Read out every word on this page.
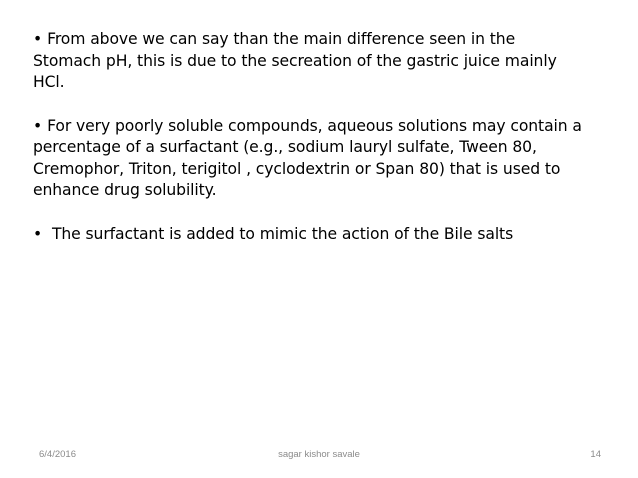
• From above we can say than the main difference seen in the
Stomach pH, this is due to the secreation of the gastric juice mainly
HCl.

• For very poorly soluble compounds, aqueous solutions may contain a
percentage of a surfactant (e.g., sodium lauryl sulfate, Tween 80,
Cremophor, Triton, terigitol , cyclodextrin or Span 80) that is used to
enhance drug solubility.

• The surfactant is added to mimic the action of the Bile salts

6/4/2016	sagar kishor savale	14
